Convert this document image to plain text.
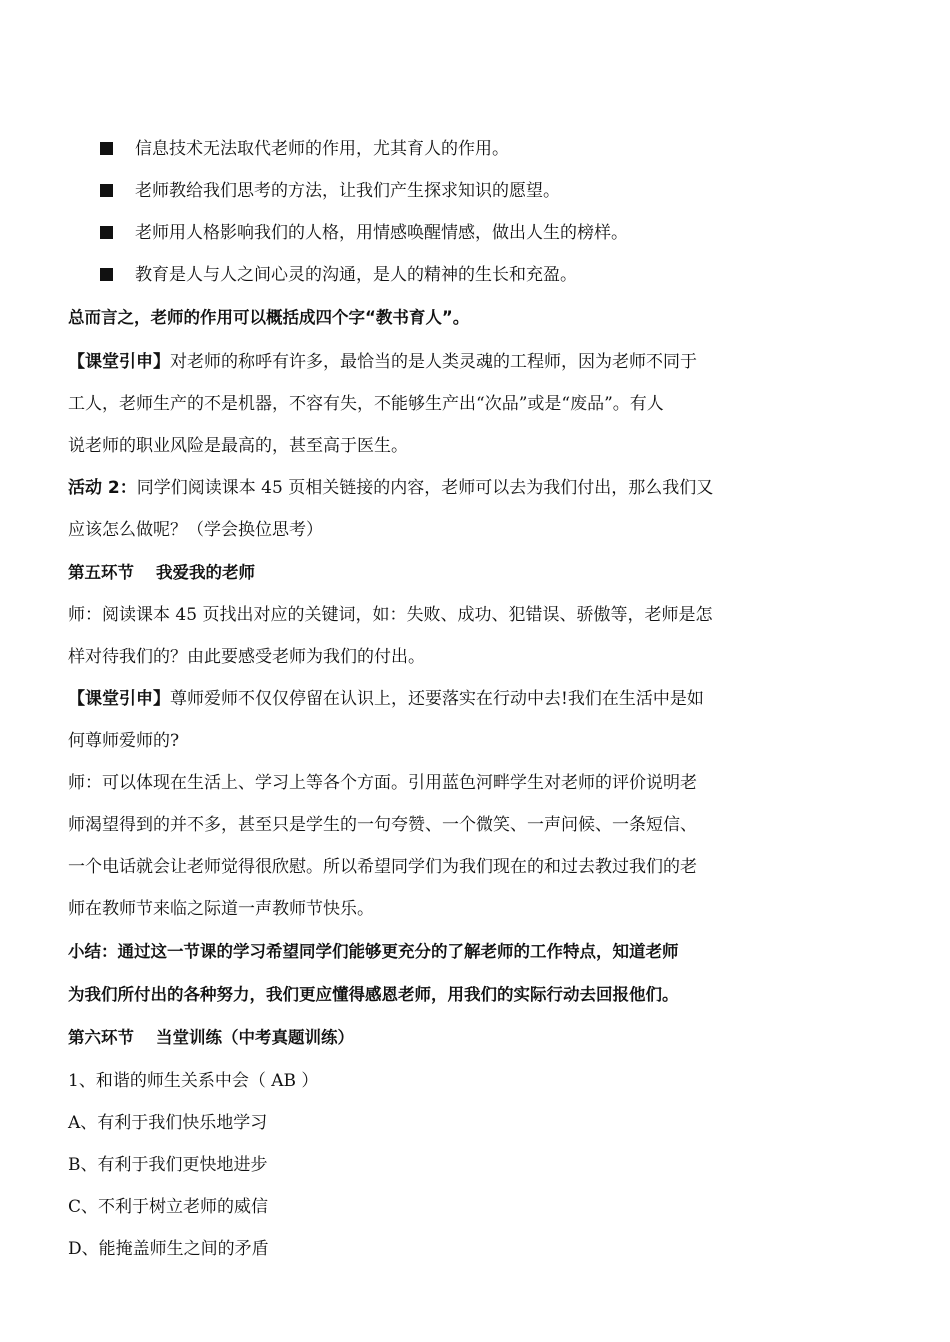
信息技术无法取代老师的作用，尤其育人的作用。
老师教给我们思考的方法，让我们产生探求知识的愿望。
老师用人格影响我们的人格，用情感唤醒情感，做出人生的榜样。
教育是人与人之间心灵的沟通，是人的精神的生长和充盈。
总而言之，老师的作用可以概括成四个字“教书育人”。
【课堂引申】对老师的称呼有许多，最恰当的是人类灵魂的工程师，因为老师不同于
工人，老师生产的不是机器，不容有失，不能够生产出“次品”或是“废品”。有人
说老师的职业风险是最高的，甚至高于医生。
活动 2：同学们阅读课本 45 页相关链接的内容，老师可以去为我们付出，那么我们又
应该怎么做呢？（学会换位思考）
第五环节 我爱我的老师
师：阅读课本 45 页找出对应的关键词，如：失败、成功、犯错误、骄傲等，老师是怎
样对待我们的？由此要感受老师为我们的付出。
【课堂引申】尊师爱师不仅仅停留在认识上，还要落实在行动中去!我们在生活中是如
何尊师爱师的?
师：可以体现在生活上、学习上等各个方面。引用蓝色河畔学生对老师的评价说明老
师渴望得到的并不多，甚至只是学生的一句夸赞、一个微笑、一声问候、一条短信、
一个电话就会让老师觉得很欣慰。所以希望同学们为我们现在的和过去教过我们的老
师在教师节来临之际道一声教师节快乐。
小结：通过这一节课的学习希望同学们能够更充分的了解老师的工作特点，知道老师
为我们所付出的各种努力，我们更应懂得感恩老师，用我们的实际行动去回报他们。
第六环节 当堂训练（中考真题训练）
1、和谐的师生关系中会（ AB ）
A、有利于我们快乐地学习
B、有利于我们更快地进步
C、不利于树立老师的威信
D、能掩盖师生之间的矛盾
